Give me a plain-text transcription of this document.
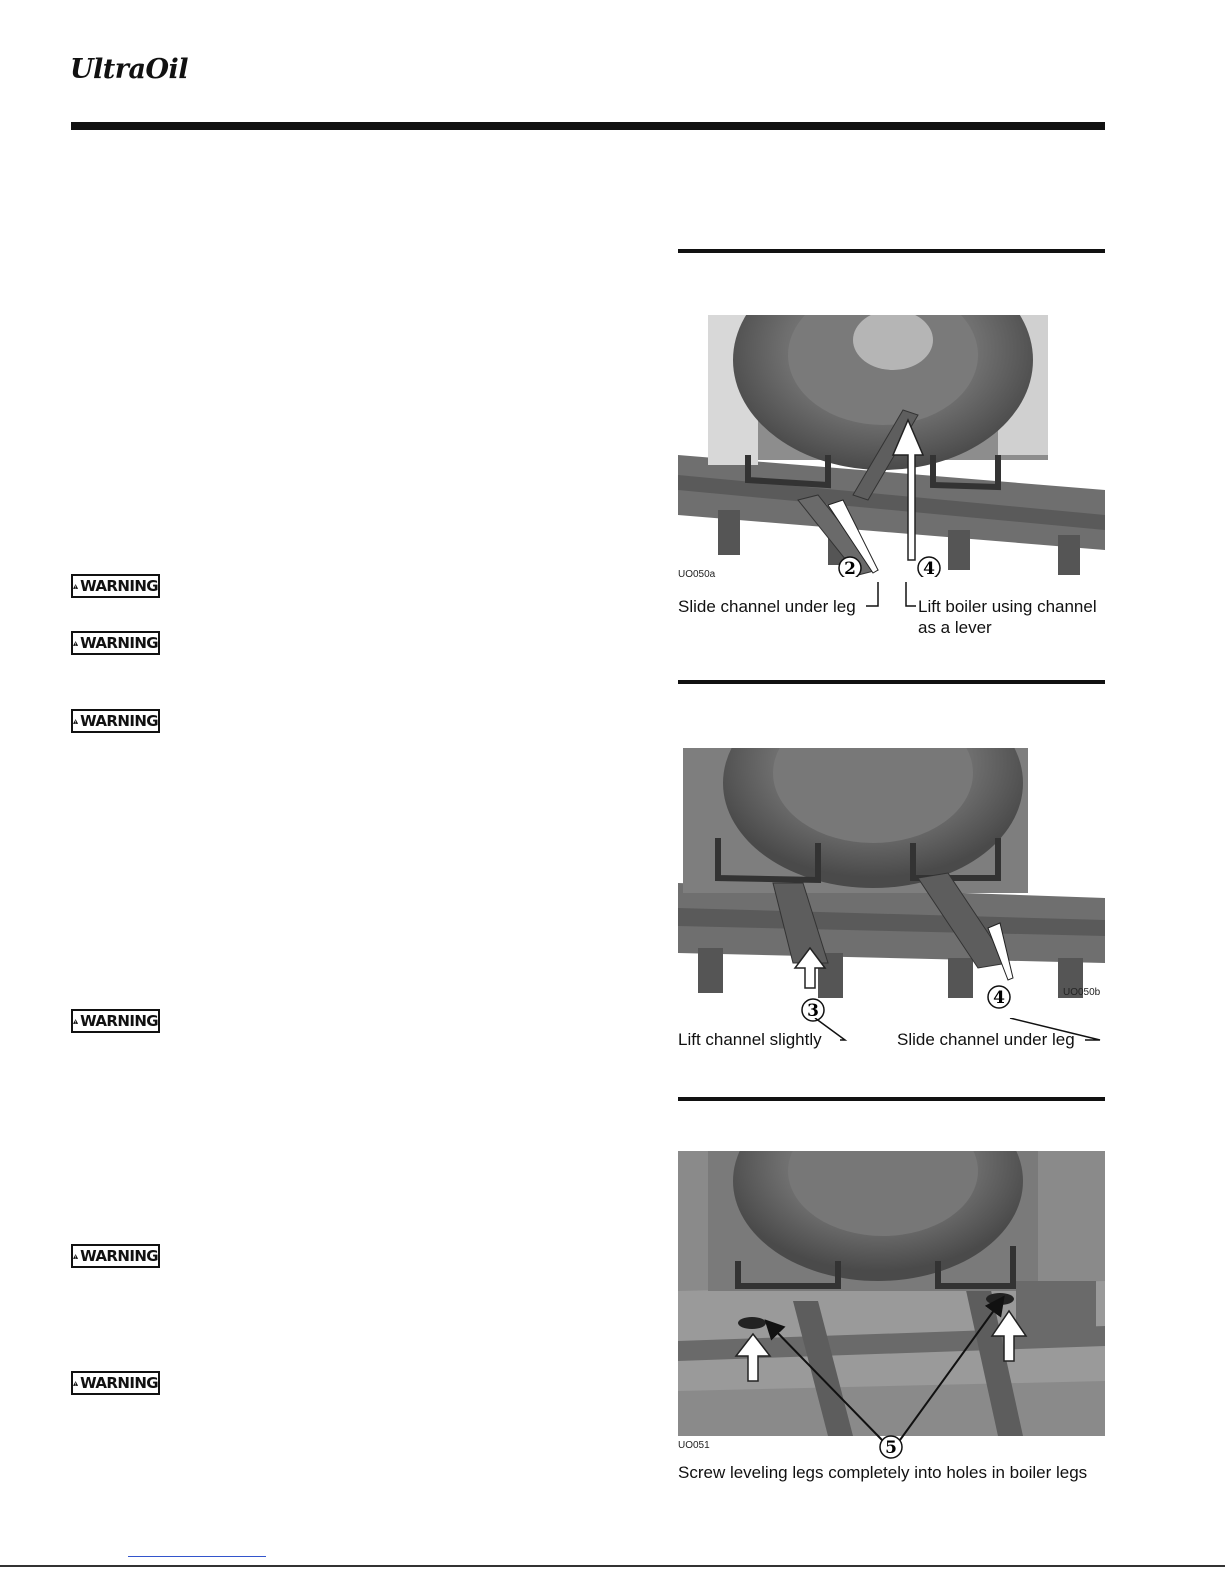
UltraOil
WARNING
WARNING
WARNING
WARNING
WARNING
WARNING
2	4
UO050a
Slide channel under leg	Lift boiler using channel
as a lever
UO050b
3
4
Lift channel slightly	Slide channel under leg
UO051	5
Screw leveling legs completely into holes in boiler legs
